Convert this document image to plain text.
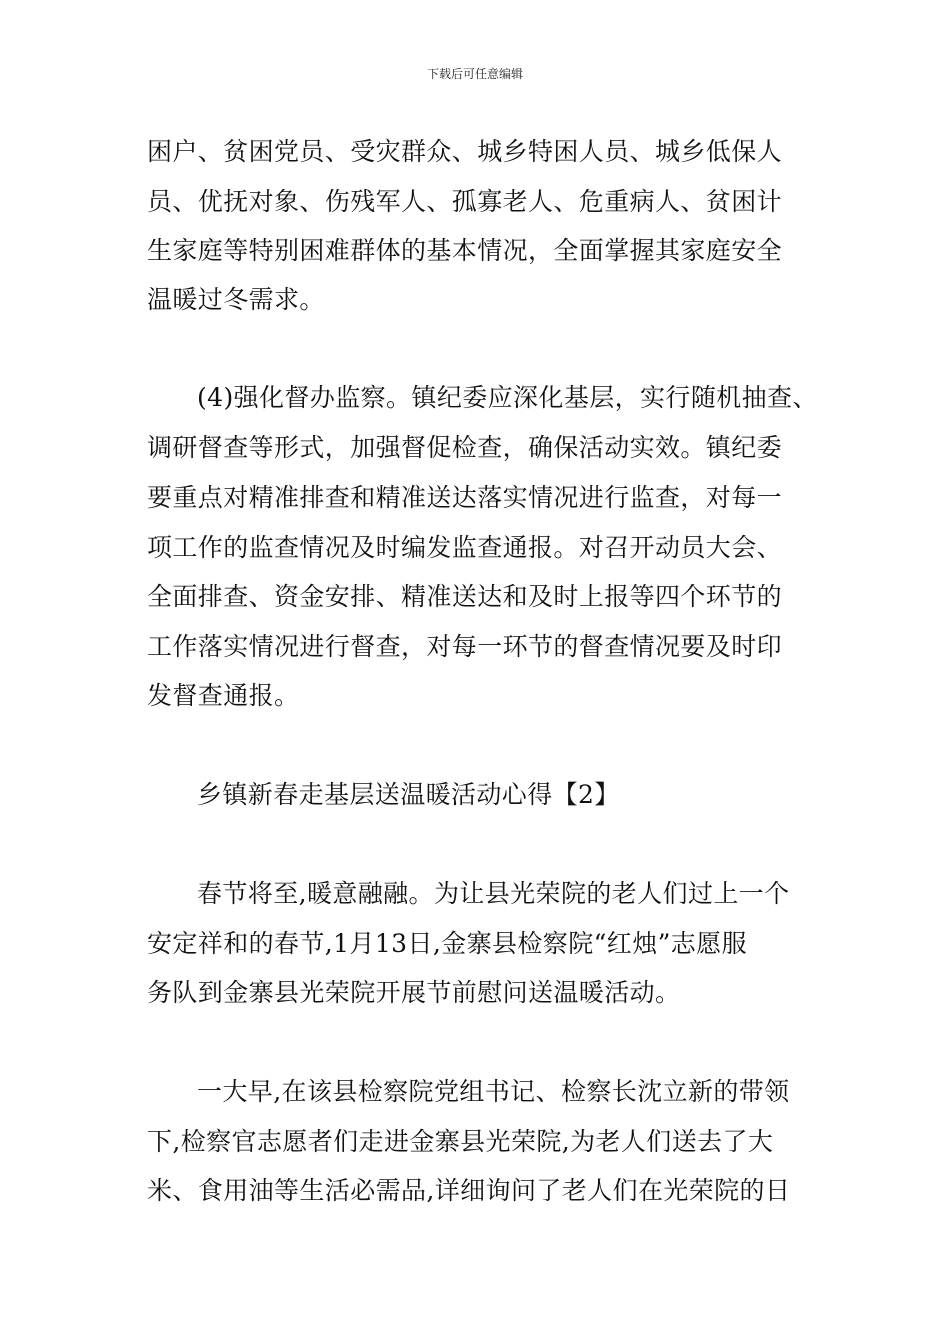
下载后可任意编辑
困户、贫困党员、受灾群众、城乡特困人员、城乡低保人
员、优抚对象、伤残军人、孤寡老人、危重病人、贫困计
生家庭等特别困难群体的基本情况，全面掌握其家庭安全
温暖过冬需求。
(4)强化督办监察。镇纪委应深化基层，实行随机抽查、
调研督查等形式，加强督促检查，确保活动实效。镇纪委
要重点对精准排查和精准送达落实情况进行监查，对每一
项工作的监查情况及时编发监查通报。对召开动员大会、
全面排查、资金安排、精准送达和及时上报等四个环节的
工作落实情况进行督查，对每一环节的督查情况要及时印
发督查通报。
乡镇新春走基层送温暖活动心得【2】
春节将至,暖意融融。为让县光荣院的老人们过上一个
安定祥和的春节,1月13日,金寨县检察院“红烛”志愿服
务队到金寨县光荣院开展节前慰问送温暖活动。
一大早,在该县检察院党组书记、检察长沈立新的带领
下,检察官志愿者们走进金寨县光荣院,为老人们送去了大
米、食用油等生活必需品,详细询问了老人们在光荣院的日
